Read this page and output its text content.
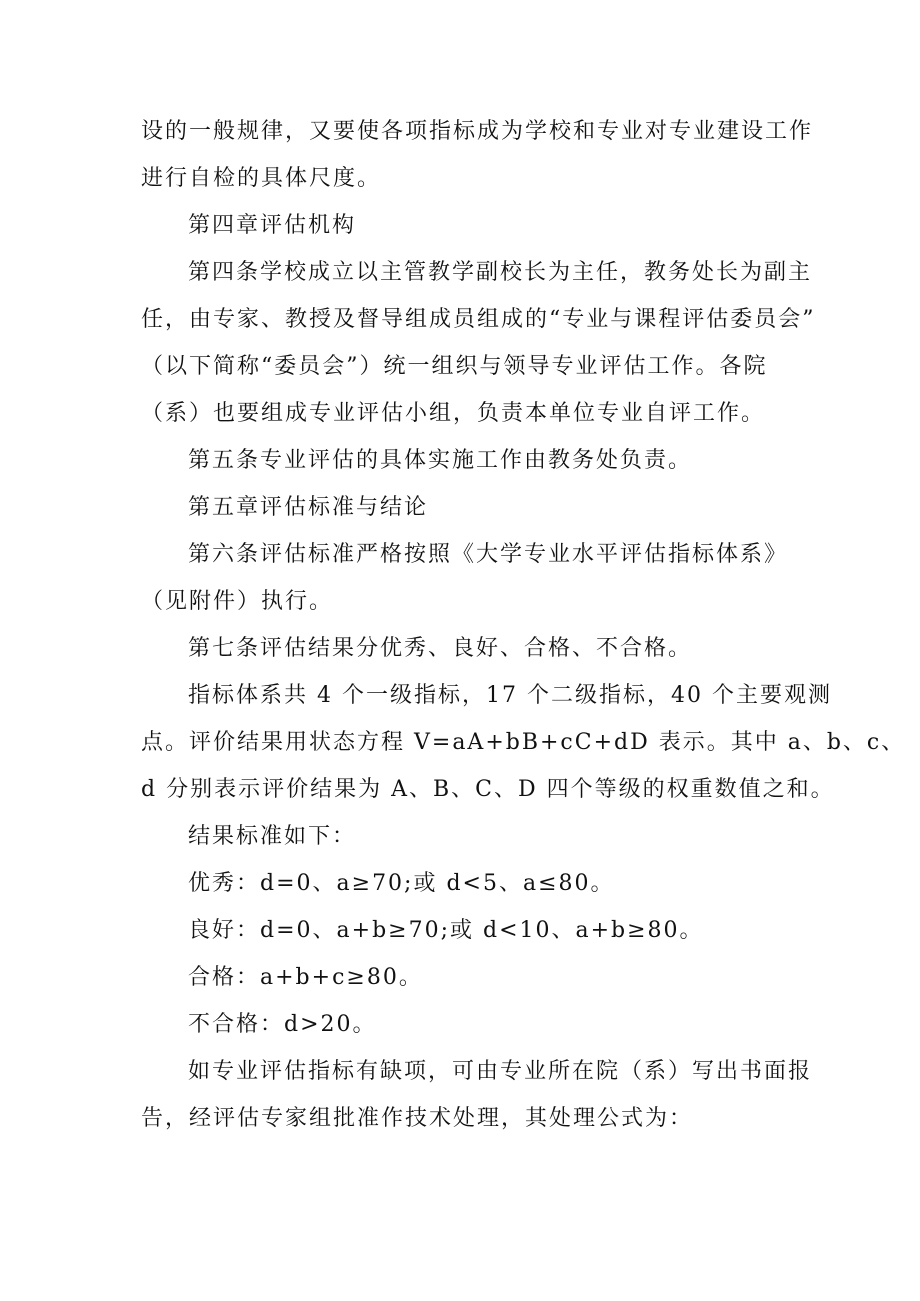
设的一般规律，又要使各项指标成为学校和专业对专业建设工作
进行自检的具体尺度。
第四章评估机构
第四条学校成立以主管教学副校长为主任，教务处长为副主
任，由专家、教授及督导组成员组成的“专业与课程评估委员会”
（以下简称“委员会”）统一组织与领导专业评估工作。各院
（系）也要组成专业评估小组，负责本单位专业自评工作。
第五条专业评估的具体实施工作由教务处负责。
第五章评估标准与结论
第六条评估标准严格按照《大学专业水平评估指标体系》
（见附件）执行。
第七条评估结果分优秀、良好、合格、不合格。
指标体系共 4 个一级指标，17 个二级指标，40 个主要观测
点。评价结果用状态方程 V=aA+bB+cC+dD 表示。其中 a、b、c、
d 分别表示评价结果为 A、B、C、D 四个等级的权重数值之和。
结果标准如下：
优秀：d=0、a≥70;或 d<5、a≤80。
良好：d=0、a+b≥70;或 d<10、a+b≥80。
合格：a+b+c≥80。
不合格：d>20。
如专业评估指标有缺项，可由专业所在院（系）写出书面报
告，经评估专家组批准作技术处理，其处理公式为：
